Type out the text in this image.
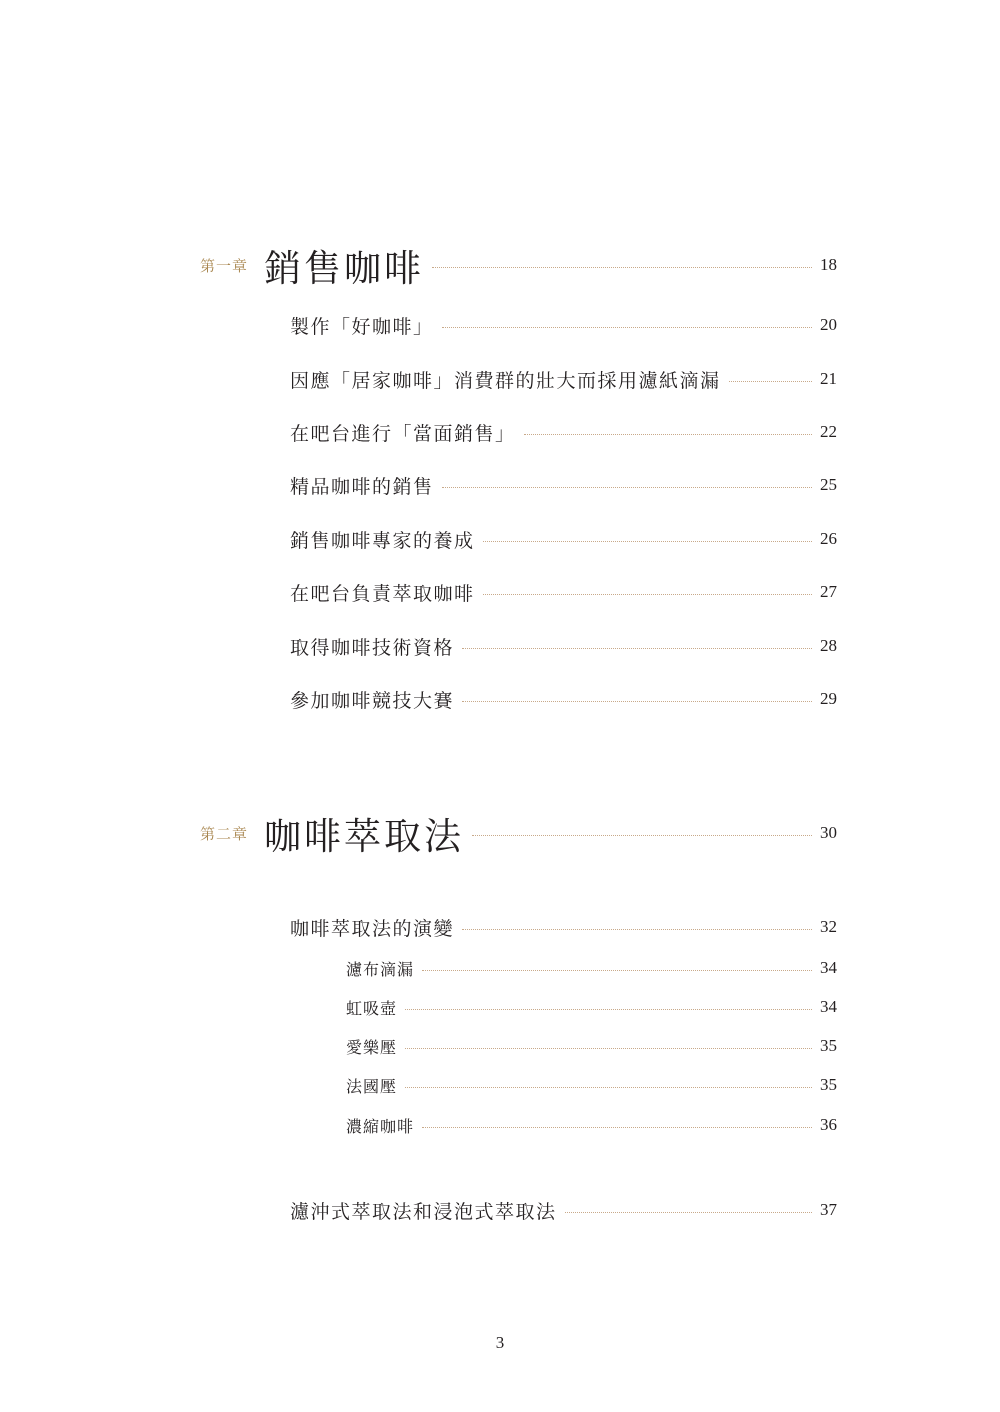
第一章 銷售咖啡	18
製作「好咖啡」	20
因應「居家咖啡」消費群的壯大而採用濾紙滴漏	21
在吧台進行「當面銷售」	22
精品咖啡的銷售	25
銷售咖啡專家的養成	26
在吧台負責萃取咖啡	27
取得咖啡技術資格	28
參加咖啡競技大賽	29
第二章 咖啡萃取法	30
咖啡萃取法的演變	32
濾布滴漏	34
虹吸壺	34
愛樂壓	35
法國壓	35
濃縮咖啡	36
濾沖式萃取法和浸泡式萃取法	37
3
